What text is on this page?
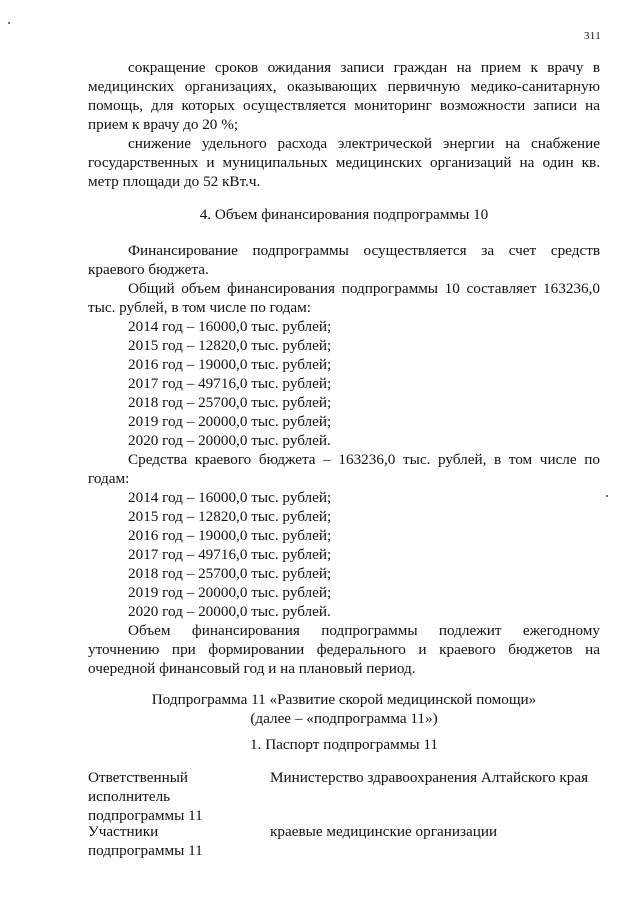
311

сокращение сроков ожидания записи граждан на прием к врачу в медицинских организациях, оказывающих первичную медико-санитарную помощь, для которых осуществляется мониторинг возможности записи на прием к врачу до 20 %;

снижение удельного расхода электрической энергии на снабжение государственных и муниципальных медицинских организаций на один кв. метр площади до 52 кВт.ч.

4. Объем финансирования подпрограммы 10

Финансирование подпрограммы осуществляется за счет средств краевого бюджета.

Общий объем финансирования подпрограммы 10 составляет 163236,0 тыс. рублей, в том числе по годам:

2014 год – 16000,0 тыс. рублей;
2015 год – 12820,0 тыс. рублей;
2016 год – 19000,0 тыс. рублей;
2017 год – 49716,0 тыс. рублей;
2018 год – 25700,0 тыс. рублей;
2019 год – 20000,0 тыс. рублей;
2020 год – 20000,0 тыс. рублей.

Средства краевого бюджета – 163236,0 тыс. рублей, в том числе по годам:

2014 год – 16000,0 тыс. рублей;
2015 год – 12820,0 тыс. рублей;
2016 год – 19000,0 тыс. рублей;
2017 год – 49716,0 тыс. рублей;
2018 год – 25700,0 тыс. рублей;
2019 год – 20000,0 тыс. рублей;
2020 год – 20000,0 тыс. рублей.

Объем финансирования подпрограммы подлежит ежегодному уточнению при формировании федерального и краевого бюджетов на очередной финансовый год и на плановый период.

Подпрограмма 11 «Развитие скорой медицинской помощи»
(далее – «подпрограмма 11»)
1. Паспорт подпрограммы 11
Ответственный исполнитель подпрограммы 11
Министерство здравоохранения Алтайского края
Участники подпрограммы 11
краевые медицинские организации
